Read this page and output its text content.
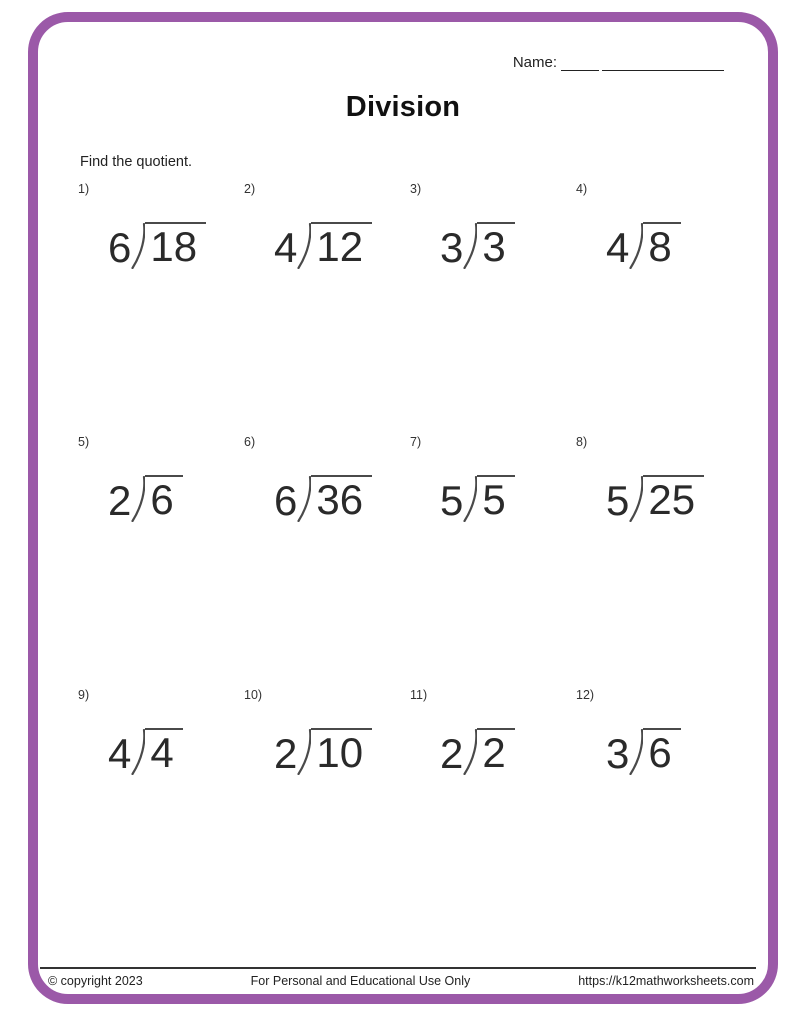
Name:
Division
Find the quotient.
1)
6 18
2)
4 12
3)
3 3
4)
4 8
5)
2 6
6)
6 36
7)
5 5
8)
5 25
9)
4 4
10)
2 10
11)
2 2
12)
3 6
© copyright 2023	For Personal and Educational Use Only	https://k12mathworksheets.com
